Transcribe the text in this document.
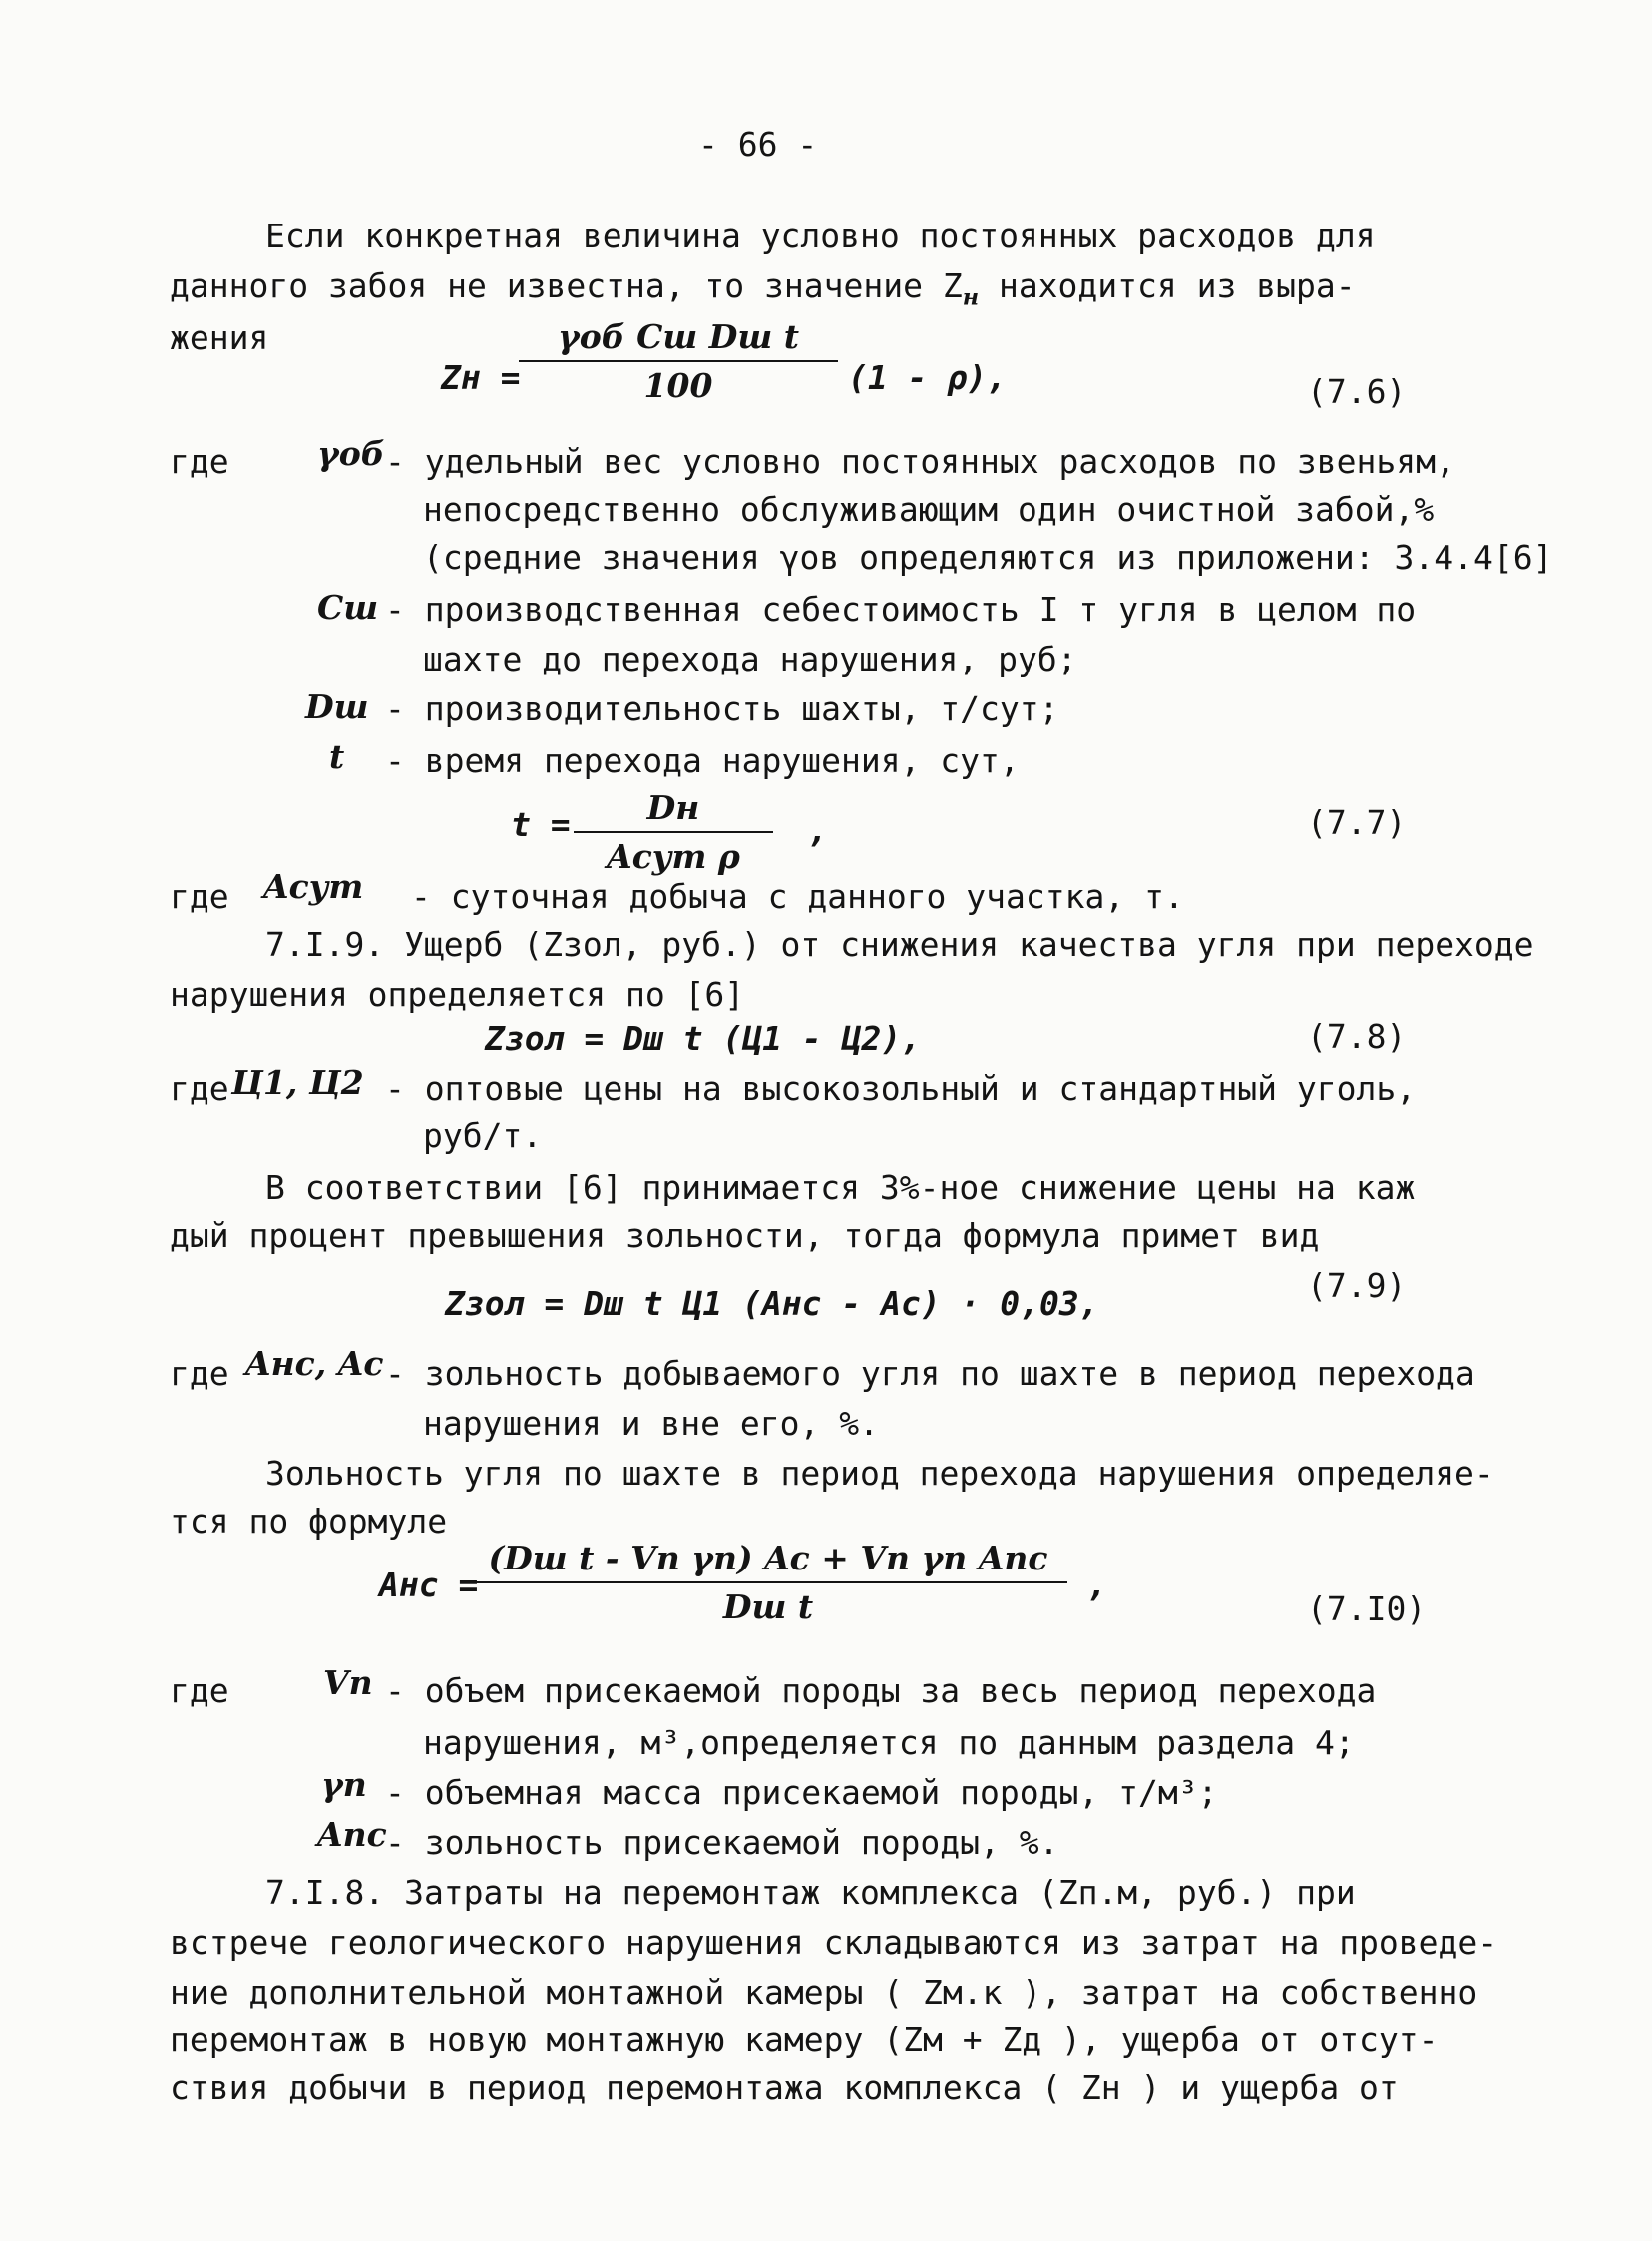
- 66 -
Если конкретная величина условно постоянных расходов для
данного забоя не известна, то значение $Z_н$ находится из выра-
жения
Zн =
γоб Cш Dш t
100	(1 - ρ),	(7.6)
где	γоб - удельный вес условно постоянных расходов по звеньям,
непосредственно обслуживающим один очистной забой,%
(средние значения γов определяются из приложени: 3.4.4[6]
Cш - производственная себестоимость I т угля в целом по
шахте до перехода нарушения, руб;
Dш - производительность шахты, т/сут;
t - время перехода нарушения, сут,
t =	Dн
Aсут ρ
,	(7.7)
где Aсут - суточная добыча с данного участка, т.
7.I.9. Ущерб (Zзол, руб.) от снижения качества угля при переходе
нарушения определяется по [6]
Zзол = Dш t (Ц1 - Ц2),	(7.8)
где Ц1, Ц2 - оптовые цены на высокозольный и стандартный уголь,
руб/т.
В соответствии [6] принимается 3%-ное снижение цены на каж
дый процент превышения зольности, тогда формула примет вид
Zзол = Dш t Ц1 (Aнc - Ac) · 0,03,	(7.9)
где Aнc, Ac - зольность добываемого угля по шахте в период перехода
нарушения и вне его, %.
Зольность угля по шахте в период перехода нарушения определяе-
тся по формуле
Aнc =
(Dш t - Vп γп) Ac + Vп γп Aпc
Dш t
,
(7.I0)
где	Vп - объем присекаемой породы за весь период перехода
нарушения, м³,определяется по данным раздела 4;
γп - объемная масса присекаемой породы, т/м³;
Aпc
- зольность присекаемой породы, %.
7.I.8. Затраты на перемонтаж комплекса (Zп.м, руб.) при
встрече геологического нарушения складываются из затрат на проведе-
ние дополнительной монтажной камеры ( Zм.к ), затрат на собственно
перемонтаж в новую монтажную камеру (Zм + Zд ), ущерба от отсут-
ствия добычи в период перемонтажа комплекса ( Zн ) и ущерба от
